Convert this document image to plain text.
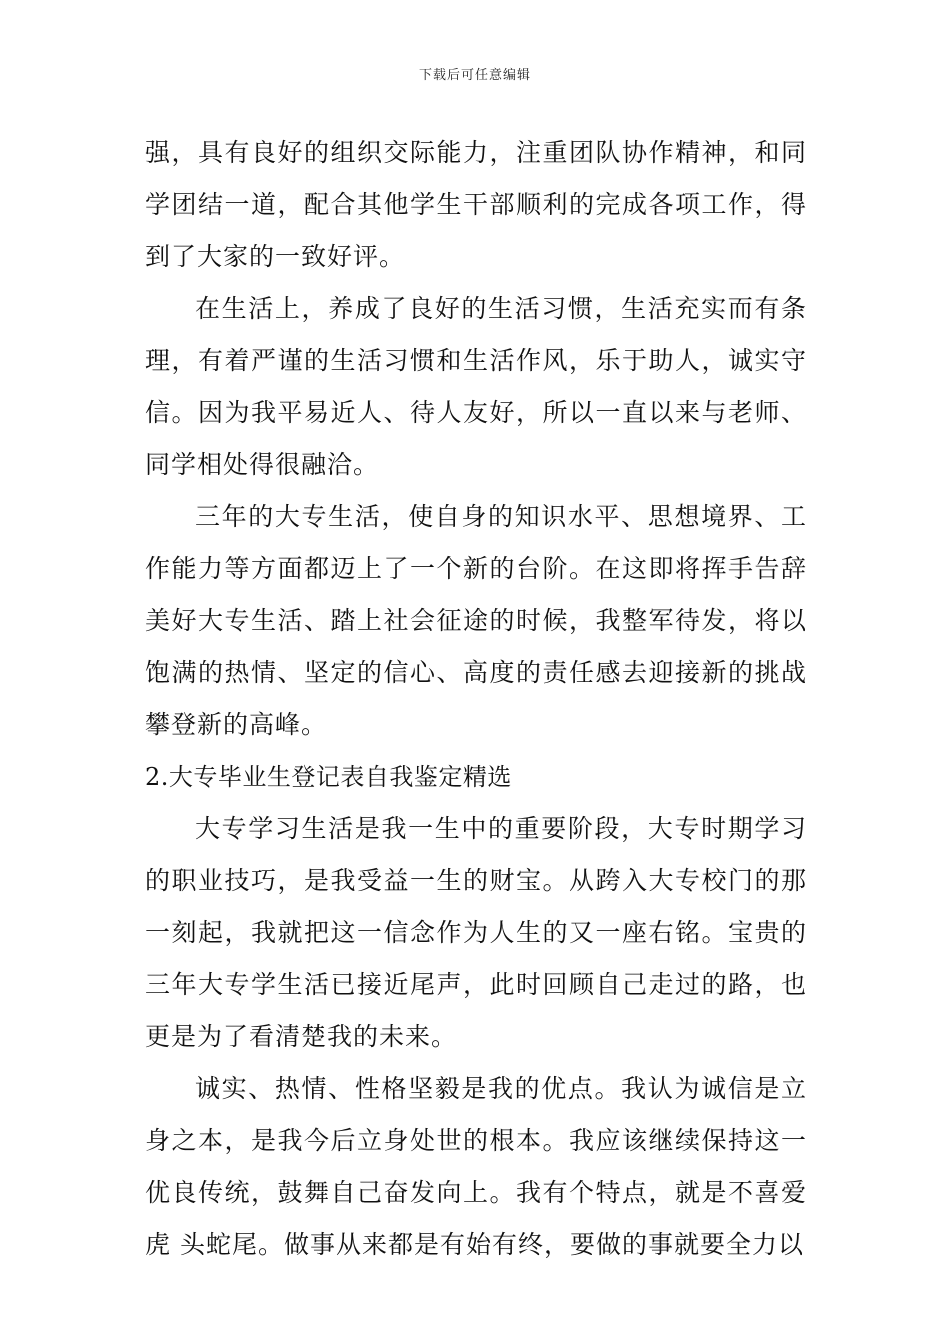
下载后可任意编辑

强，具有良好的组织交际能力，注重团队协作精神，和同学团结一道，配合其他学生干部顺利的完成各项工作，得到了大家的一致好评。

在生活上，养成了良好的生活习惯，生活充实而有条理，有着严谨的生活习惯和生活作风，乐于助人，诚实守信。因为我平易近人、待人友好，所以一直以来与老师、同学相处得很融洽。

三年的大专生活，使自身的知识水平、思想境界、工作能力等方面都迈上了一个新的台阶。在这即将挥手告辞美好大专生活、踏上社会征途的时候，我整军待发，将以饱满的热情、坚定的信心、高度的责任感去迎接新的挑战攀登新的高峰。

2.大专毕业生登记表自我鉴定精选

大专学习生活是我一生中的重要阶段，大专时期学习的职业技巧，是我受益一生的财宝。从跨入大专校门的那一刻起，我就把这一信念作为人生的又一座右铭。宝贵的三年大专学生活已接近尾声，此时回顾自己走过的路，也更是为了看清楚我的未来。

诚实、热情、性格坚毅是我的优点。我认为诚信是立身之本，是我今后立身处世的根本。我应该继续保持这一优良传统，鼓舞自己奋发向上。我有个特点，就是不喜爱虎 头蛇尾。做事从来都是有始有终，要做的事就要全力以
